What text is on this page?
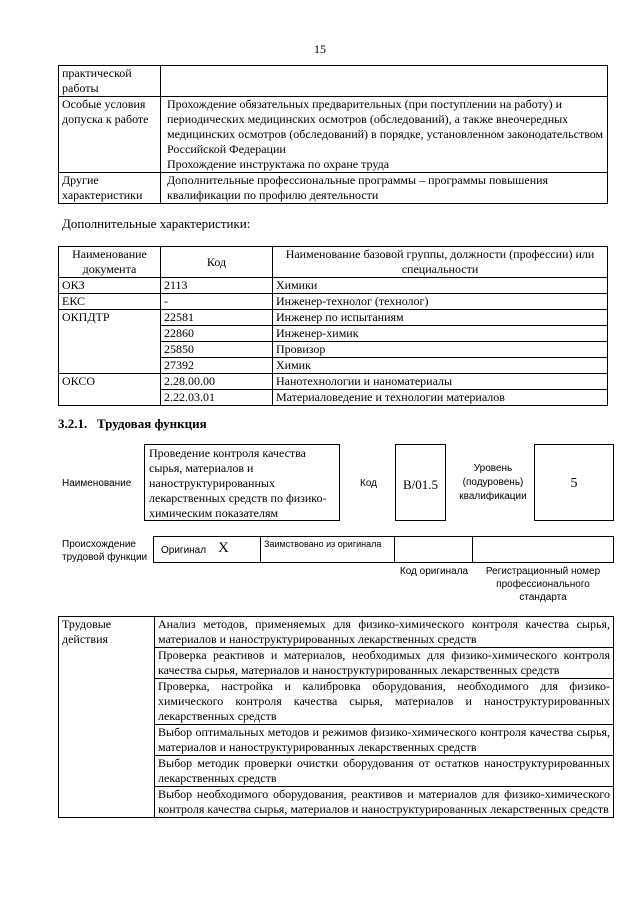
15
практической работы	
Особые условия допуска к работе	Прохождение обязательных предварительных (при поступлении на работу) и периодических медицинских осмотров (обследований), а также внеочередных медицинских осмотров (обследований) в порядке, установленном законодательством Российской Федерации
Прохождение инструктажа по охране труда

Другие характеристики	Дополнительные профессиональные программы – программы повышения квалификации по профилю деятельности
Дополнительные характеристики:
Наименование документа	Код	Наименование базовой группы, должности (профессии) или специальности
ОКЗ	2113	Химики
ЕКС	-	Инженер-технолог (технолог)
ОКПДТР	22581	Инженер по испытаниям
	22860	Инженер-химик
	25850	Провизор
	27392	Химик
ОКСО	2.28.00.00	Нанотехнологии и наноматериалы
	2.22.03.01	Материаловедение и технологии материалов
3.2.1. Трудовая функция
Наименование
Проведение контроля качества сырья, материалов и наноструктурированных лекарственных средств по физико-химическим показателям
Код	B/01.5
Уровень (подуровень) квалификации
5
Происхождение трудовой функции
Оригинал X	Заимствовано из оригинала
Код оригинала	Регистрационный номер профессионального стандарта
Трудовые действия	Анализ методов, применяемых для физико-химического контроля качества сырья, материалов и наноструктурированных лекарственных средств
Проверка реактивов и материалов, необходимых для физико-химического контроля качества сырья, материалов и наноструктурированных лекарственных средств
Проверка, настройка и калибровка оборудования, необходимого для физико-химического контроля качества сырья, материалов и наноструктурированных лекарственных средств
Выбор оптимальных методов и режимов физико-химического контроля качества сырья, материалов и наноструктурированных лекарственных средств
Выбор методик проверки очистки оборудования от остатков наноструктурированных лекарственных средств
Выбор необходимого оборудования, реактивов и материалов для физико-химического контроля качества сырья, материалов и наноструктурированных лекарственных средств
